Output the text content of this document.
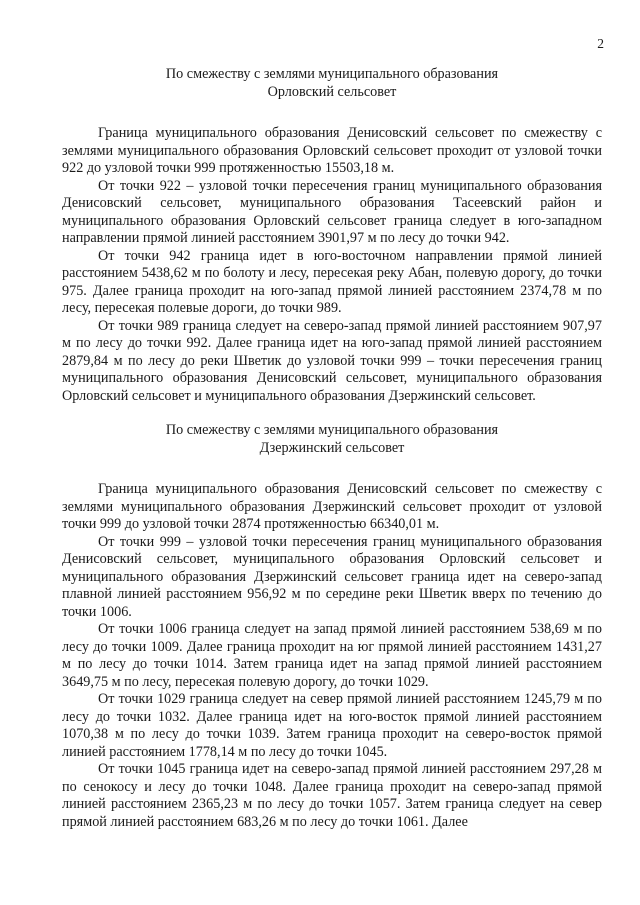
2
По смежеству с землями муниципального образования
Орловский сельсовет

Граница муниципального образования Денисовский сельсовет по смежеству с землями муниципального образования Орловский сельсовет проходит от узловой точки 922 до узловой точки 999 протяженностью 15503,18 м.

От точки 922 – узловой точки пересечения границ муниципального образования Денисовский сельсовет, муниципального образования Тасеевский район и муниципального образования Орловский сельсовет граница следует в юго-западном направлении прямой линией расстоянием 3901,97 м по лесу до точки 942.

От точки 942 граница идет в юго-восточном направлении прямой линией расстоянием 5438,62 м по болоту и лесу, пересекая реку Абан, полевую дорогу, до точки 975. Далее граница проходит на юго-запад прямой линией расстоянием 2374,78 м по лесу, пересекая полевые дороги, до точки 989.

От точки 989 граница следует на северо-запад прямой линией расстоянием 907,97 м по лесу до точки 992. Далее граница идет на юго-запад прямой линией расстоянием 2879,84 м по лесу до реки Шветик до узловой точки 999 – точки пересечения границ муниципального образования Денисовский сельсовет, муниципального образования Орловский сельсовет и муниципального образования Дзержинский сельсовет.

По смежеству с землями муниципального образования
Дзержинский сельсовет

Граница муниципального образования Денисовский сельсовет по смежеству с землями муниципального образования Дзержинский сельсовет проходит от узловой точки 999 до узловой точки 2874 протяженностью 66340,01 м.

От точки 999 – узловой точки пересечения границ муниципального образования Денисовский сельсовет, муниципального образования Орловский сельсовет и муниципального образования Дзержинский сельсовет граница идет на северо-запад плавной линией расстоянием 956,92 м по середине реки Шветик вверх по течению до точки 1006.

От точки 1006 граница следует на запад прямой линией расстоянием 538,69 м по лесу до точки 1009. Далее граница проходит на юг прямой линией расстоянием 1431,27 м по лесу до точки 1014. Затем граница идет на запад прямой линией расстоянием 3649,75 м по лесу, пересекая полевую дорогу, до точки 1029.

От точки 1029 граница следует на север прямой линией расстоянием 1245,79 м по лесу до точки 1032. Далее граница идет на юго-восток прямой линией расстоянием 1070,38 м по лесу до точки 1039. Затем граница проходит на северо-восток прямой линией расстоянием 1778,14 м по лесу до точки 1045.

От точки 1045 граница идет на северо-запад прямой линией расстоянием 297,28 м по сенокосу и лесу до точки 1048. Далее граница проходит на северо-запад прямой линией расстоянием 2365,23 м по лесу до точки 1057. Затем граница следует на север прямой линией расстоянием 683,26 м по лесу до точки 1061. Далее
